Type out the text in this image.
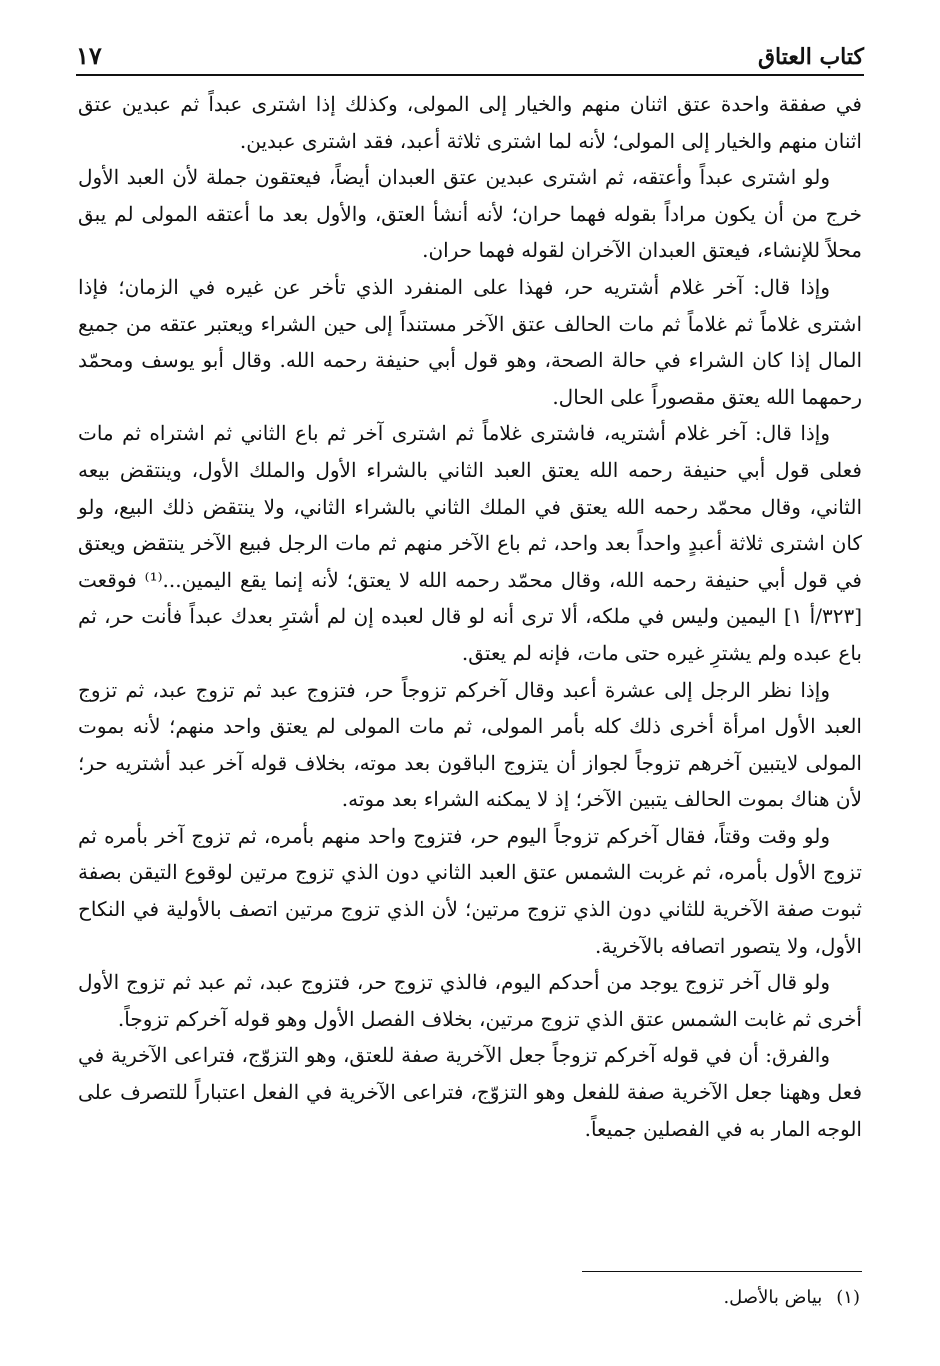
كتاب العتاق
١٧

في صفقة واحدة عتق اثنان منهم والخيار إلى المولى، وكذلك إذا اشترى عبداً ثم عبدين عتق اثنان منهم والخيار إلى المولى؛ لأنه لما اشترى ثلاثة أعبد، فقد اشترى عبدين.

ولو اشترى عبداً وأعتقه، ثم اشترى عبدين عتق العبدان أيضاً، فيعتقون جملة لأن العبد الأول خرج من أن يكون مراداً بقوله فهما حران؛ لأنه أنشأ العتق، والأول بعد ما أعتقه المولى لم يبق محلاً للإنشاء، فيعتق العبدان الآخران لقوله فهما حران.

وإذا قال: آخر غلام أشتريه حر، فهذا على المنفرد الذي تأخر عن غيره في الزمان؛ فإذا اشترى غلاماً ثم غلاماً ثم مات الحالف عتق الآخر مستنداً إلى حين الشراء ويعتبر عتقه من جميع المال إذا كان الشراء في حالة الصحة، وهو قول أبي حنيفة رحمه الله. وقال أبو يوسف ومحمّد رحمهما الله يعتق مقصوراً على الحال.

وإذا قال: آخر غلام أشتريه، فاشترى غلاماً ثم اشترى آخر ثم باع الثاني ثم اشتراه ثم مات فعلى قول أبي حنيفة رحمه الله يعتق العبد الثاني بالشراء الأول والملك الأول، وينتقض بيعه الثاني، وقال محمّد رحمه الله يعتق في الملك الثاني بالشراء الثاني، ولا ينتقض ذلك البيع، ولو كان اشترى ثلاثة أعبدٍ واحداً بعد واحد، ثم باع الآخر منهم ثم مات الرجل فبيع الآخر ينتقض ويعتق في قول أبي حنيفة رحمه الله، وقال محمّد رحمه الله لا يعتق؛ لأنه إنما يقع اليمين...⁽¹⁾ فوقعت [٣٢٣/أ ١] اليمين وليس في ملكه، ألا ترى أنه لو قال لعبده إن لم أشترِ بعدك عبداً فأنت حر، ثم باع عبده ولم يشترِ غيره حتى مات، فإنه لم يعتق.

وإذا نظر الرجل إلى عشرة أعبد وقال آخركم تزوجاً حر، فتزوج عبد ثم تزوج عبد، ثم تزوج العبد الأول امرأة أخرى ذلك كله بأمر المولى، ثم مات المولى لم يعتق واحد منهم؛ لأنه بموت المولى لايتبين آخرهم تزوجاً لجواز أن يتزوج الباقون بعد موته، بخلاف قوله آخر عبد أشتريه حر؛ لأن هناك بموت الحالف يتبين الآخر؛ إذ لا يمكنه الشراء بعد موته.

ولو وقت وقتاً، فقال آخركم تزوجاً اليوم حر، فتزوج واحد منهم بأمره، ثم تزوج آخر بأمره ثم تزوج الأول بأمره، ثم غربت الشمس عتق العبد الثاني دون الذي تزوج مرتين لوقوع التيقن بصفة ثبوت صفة الآخرية للثاني دون الذي تزوج مرتين؛ لأن الذي تزوج مرتين اتصف بالأولية في النكاح الأول، ولا يتصور اتصافه بالآخرية.

ولو قال آخر تزوج يوجد من أحدكم اليوم، فالذي تزوج حر، فتزوج عبد، ثم عبد ثم تزوج الأول أخرى ثم غابت الشمس عتق الذي تزوج مرتين، بخلاف الفصل الأول وهو قوله آخركم تزوجاً.

والفرق: أن في قوله آخركم تزوجاً جعل الآخرية صفة للعتق، وهو التزوّج، فتراعى الآخرية في فعل وههنا جعل الآخرية صفة للفعل وهو التزوّج، فتراعى الآخرية في الفعل اعتباراً للتصرف على الوجه المار به في الفصلين جميعاً.

(١)بياض بالأصل.
